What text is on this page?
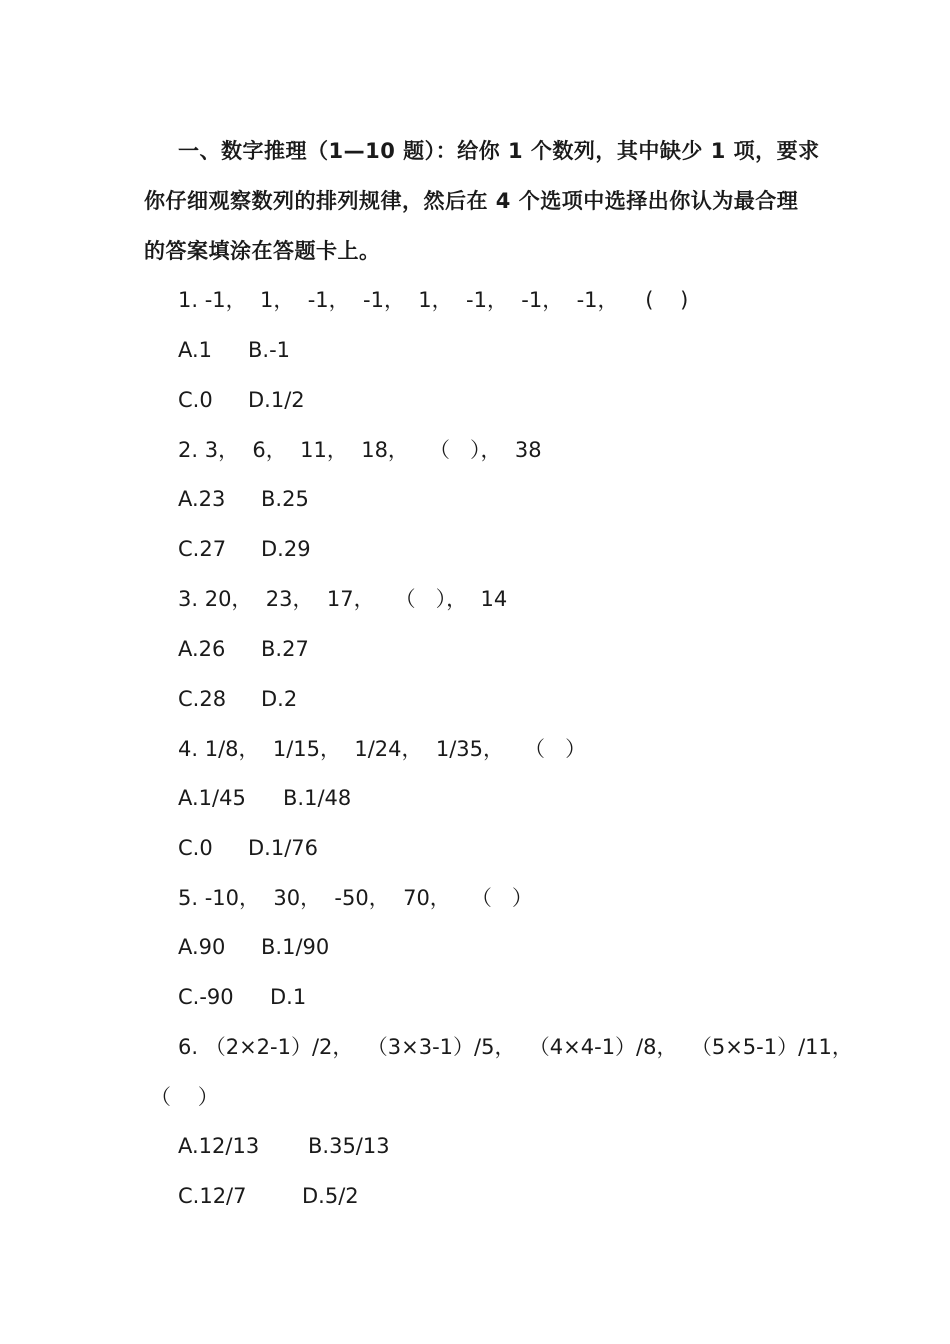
一、数字推理（1—10 题）：给你 1 个数列，其中缺少 1 项，要求
你仔细观察数列的排列规律，然后在 4 个选项中选择出你认为最合理
的答案填涂在答题卡上。
1. -1，  1，  -1，  -1，  1，  -1，  -1，  -1，    (    )
A.1 B.-1
C.0 D.1/2
2. 3，  6，  11，  18，   （   ），  38
A.23 B.25
C.27 D.29
3. 20，  23，  17，   （   ），  14
A.26 B.27
C.28 D.2
4. 1/8，  1/15，  1/24，  1/35，   （   ）
A.1/45 B.1/48
C.0 D.1/76
5. -10，  30，  -50，  70，   （   ）
A.90 B.1/90
C.-90 D.1
6. （2×2-1）/2，  （3×3-1）/5，  （4×4-1）/8，  （5×5-1）/11，
（    ）
A.12/13 B.35/13
C.12/7	D.5/2
